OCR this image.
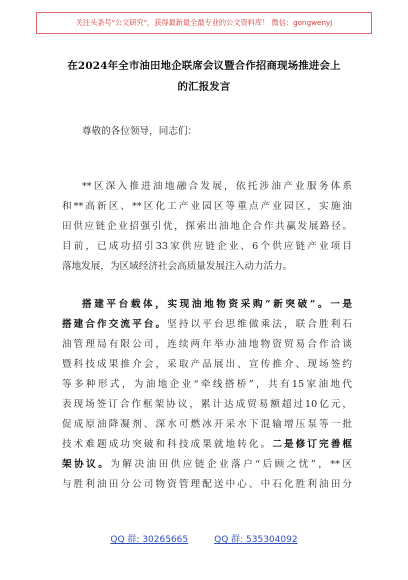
关注头条号"公文研究"，获得最新最全最专业的公文资料库！ 微信：gongwenyj
在2024年全市油田地企联席会议暨合作招商现场推进会上
的汇报发言
尊敬的各位领导，同志们：
**区深入推进油地融合发展，依托涉油产业服务体系
和**高新区、**区化工产业园区等重点产业园区，实施油
田供应链企业招强引优，探索出油地企合作共赢发展路径。
目前，已成功招引33家供应链企业、6个供应链产业项目
落地发展，为区域经济社会高质量发展注入动力活力。
搭建平台载体，实现油地物资采购“新突破”。一是
搭建合作交流平台。坚持以平台思维做乘法，联合胜利石
油管理局有限公司，连续两年举办油地物资贸易合作洽谈
暨科技成果推介会，采取产品展出、宣传推介、现场签约
等多种形式，为油地企业“牵线搭桥”，共有15家油地代
表现场签订合作框架协议，累计达成贸易额超过10亿元，
促成原油降凝剂、深水可燃冰开采水下混输增压泵等一批
技术难题成功突破和科技成果就地转化。二是修订完善框
架协议。为解决油田供应链企业落户“后顾之忧”，**区
与胜利油田分公司物资管理配送中心、中石化胜利油田分
QQ 群: 30265665	QQ 群: 535304092
